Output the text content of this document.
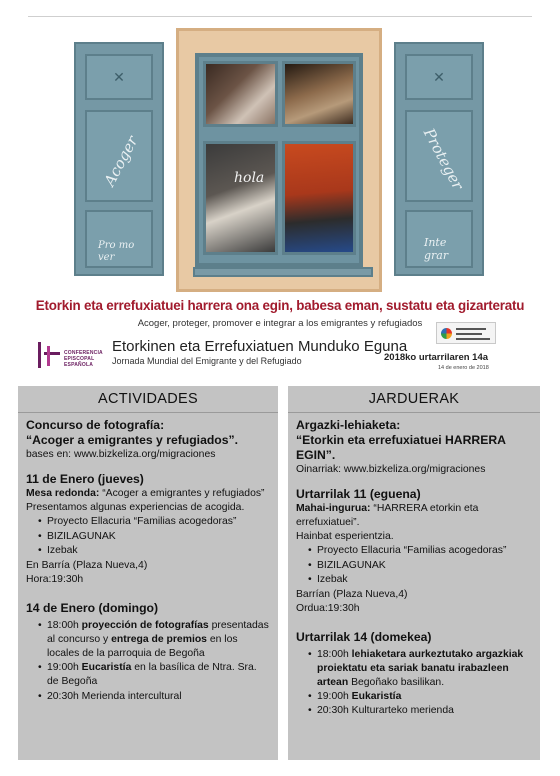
✕
Acoger
Pro mo ver
hola
✕
Proteger
Inte grar
Etorkin eta errefuxiatuei harrera ona egin, babesa eman, sustatu eta gizarteratu
Acoger, proteger, promover e integrar a los emigrantes y refugiados
CONFERENCIA
EPISCOPAL
ESPAÑOLA
Etorkinen eta Errefuxiatuen Munduko Eguna
Jornada Mundial del Emigrante y del Refugiado	2018ko urtarrilaren 14a
14 de enero de 2018
ACTIVIDADES
Concurso de fotografía:
“Acoger a emigrantes y refugiados”.
bases en: www.bizkeliza.org/migraciones
11 de Enero (jueves)
Mesa redonda: “Acoger a emigrantes y refugiados”
Presentamos algunas experiencias de acogida.
• Proyecto Ellacuria “Familias acogedoras”
• BIZILAGUNAK
• Izebak
En Barría (Plaza Nueva,4)
Hora:19:30h
14 de Enero (domingo)
• 18:00h proyección de fotografías presentadas al concurso y entrega de premios en los locales de la parroquia de Begoña
• 19:00h Eucaristía en la basílica de Ntra. Sra. de Begoña
• 20:30h Merienda intercultural
JARDUERAK
Argazki-lehiaketa:
“Etorkin eta errefuxiatuei HARRERA EGIN”.
Oinarriak: www.bizkeliza.org/migraciones
Urtarrilak 11 (eguena)
Mahai-ingurua: “HARRERA etorkin eta errefuxiatuei”.
Hainbat esperientzia.
• Proyecto Ellacuria “Familias acogedoras”
• BIZILAGUNAK
• Izebak
Barrían (Plaza Nueva,4)
Ordua:19:30h
Urtarrilak 14 (domekea)
• 18:00h lehiaketara aurkeztutako argazkiak proiektatu eta sariak banatu irabazleen artean Begoñako basilikan.
• 19:00h Eukaristía
• 20:30h Kulturarteko merienda
